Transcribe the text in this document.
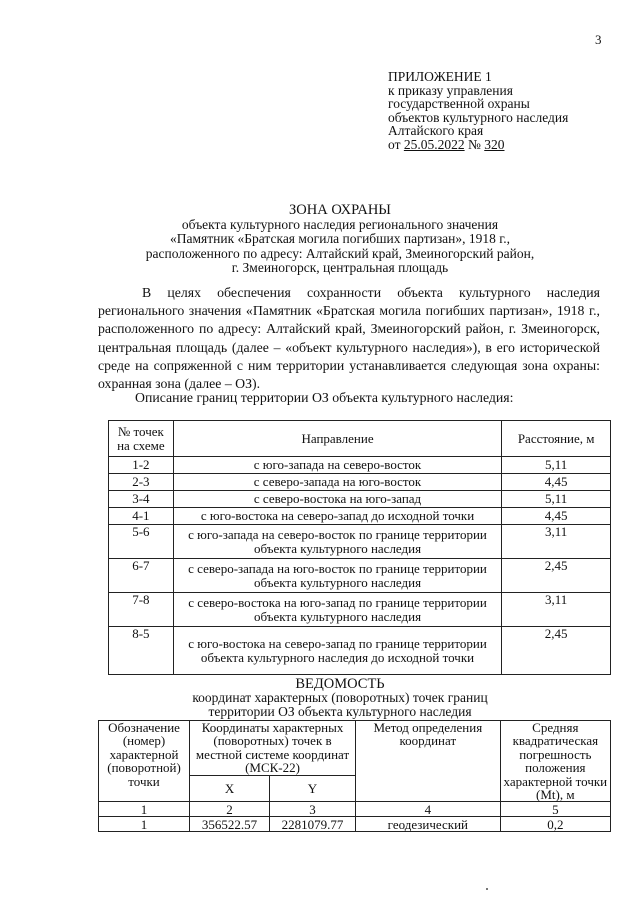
3
ПРИЛОЖЕНИЕ 1
к приказу управления
государственной охраны
объектов культурного наследия
Алтайского края
от 25.05.2022 № 320
ЗОНА ОХРАНЫ
объекта культурного наследия регионального значения
«Памятник «Братская могила погибших партизан», 1918 г.,
расположенного по адресу: Алтайский край, Змеиногорский район,
г. Змеиногорск, центральная площадь
В целях обеспечения сохранности объекта культурного наследия регионального значения «Памятник «Братская могила погибших партизан», 1918 г., расположенного по адресу: Алтайский край, Змеиногорский район, г. Змеиногорск, центральная площадь (далее – «объект культурного наследия»), в его исторической среде на сопряженной с ним территории устанавливается следующая зона охраны: охранная зона (далее – ОЗ).
Описание границ территории ОЗ объекта культурного наследия:
№ точек на схеме	Направление	Расстояние, м
1-2	с юго-запада на северо-восток	5,11
2-3	с северо-запада на юго-восток	4,45
3-4	с северо-востока на юго-запад	5,11
4-1	с юго-востока на северо-запад до исходной точки	4,45
5-6	с юго-запада на северо-восток по границе территории объекта культурного наследия	3,11
6-7	с северо-запада на юго-восток по границе территории объекта культурного наследия	2,45
7-8	с северо-востока на юго-запад по границе территории объекта культурного наследия	3,11
8-5	с юго-востока на северо-запад по границе территории объекта культурного наследия до исходной точки	2,45
ВЕДОМОСТЬ
координат характерных (поворотных) точек границ
территории ОЗ объекта культурного наследия
Обозначение (номер) характерной (поворотной) точки	Координаты характерных (поворотных) точек в местной системе координат (МСК-22)		Метод определения координат	Средняя квадратическая погрешность положения характерной точки (Mt), м
	X	Y		
1	2	3	4	5
1	356522.57	2281079.77	геодезический	0,2
